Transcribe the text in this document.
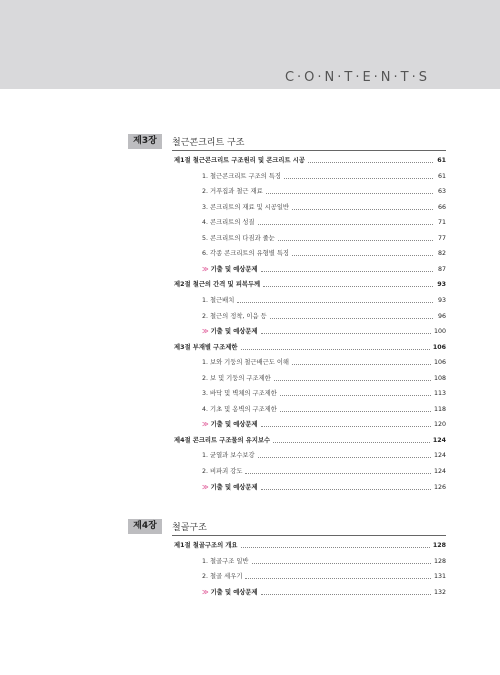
C·O·N·T·E·N·T·S
제3장	철근콘크리트 구조
제1절 철근콘크리트 구조원리 및 콘크리트 시공	61
1. 철근콘크리트 구조의 특징	61
2. 거푸집과 철근 재료	63
3. 콘크리트의 재료 및 시공일반	66
4. 콘크리트의 성질	71
5. 콘크리트의 다짐과 줄눈	77
6. 각종 콘크리트의 유형별 특징	82
≫ 기출 및 예상문제	87
제2절 철근의 간격 및 피복두께	93
1. 철근배치	93
2. 철근의 정착, 이음 등	96
≫ 기출 및 예상문제	100
제3절 부재별 구조제한	106
1. 보와 기둥의 철근배근도 이해	106
2. 보 및 기둥의 구조제한	108
3. 바닥 및 벽체의 구조제한	113
4. 기초 및 옹벽의 구조제한	118
≫ 기출 및 예상문제	120
제4절 콘크리트 구조물의 유지보수	124
1. 균열과 보수보강	124
2. 비파괴 강도	124
≫ 기출 및 예상문제	126
제4장	철골구조
제1절 철골구조의 개요	128
1. 철골구조 일반	128
2. 철골 세우기	131
≫ 기출 및 예상문제	132
